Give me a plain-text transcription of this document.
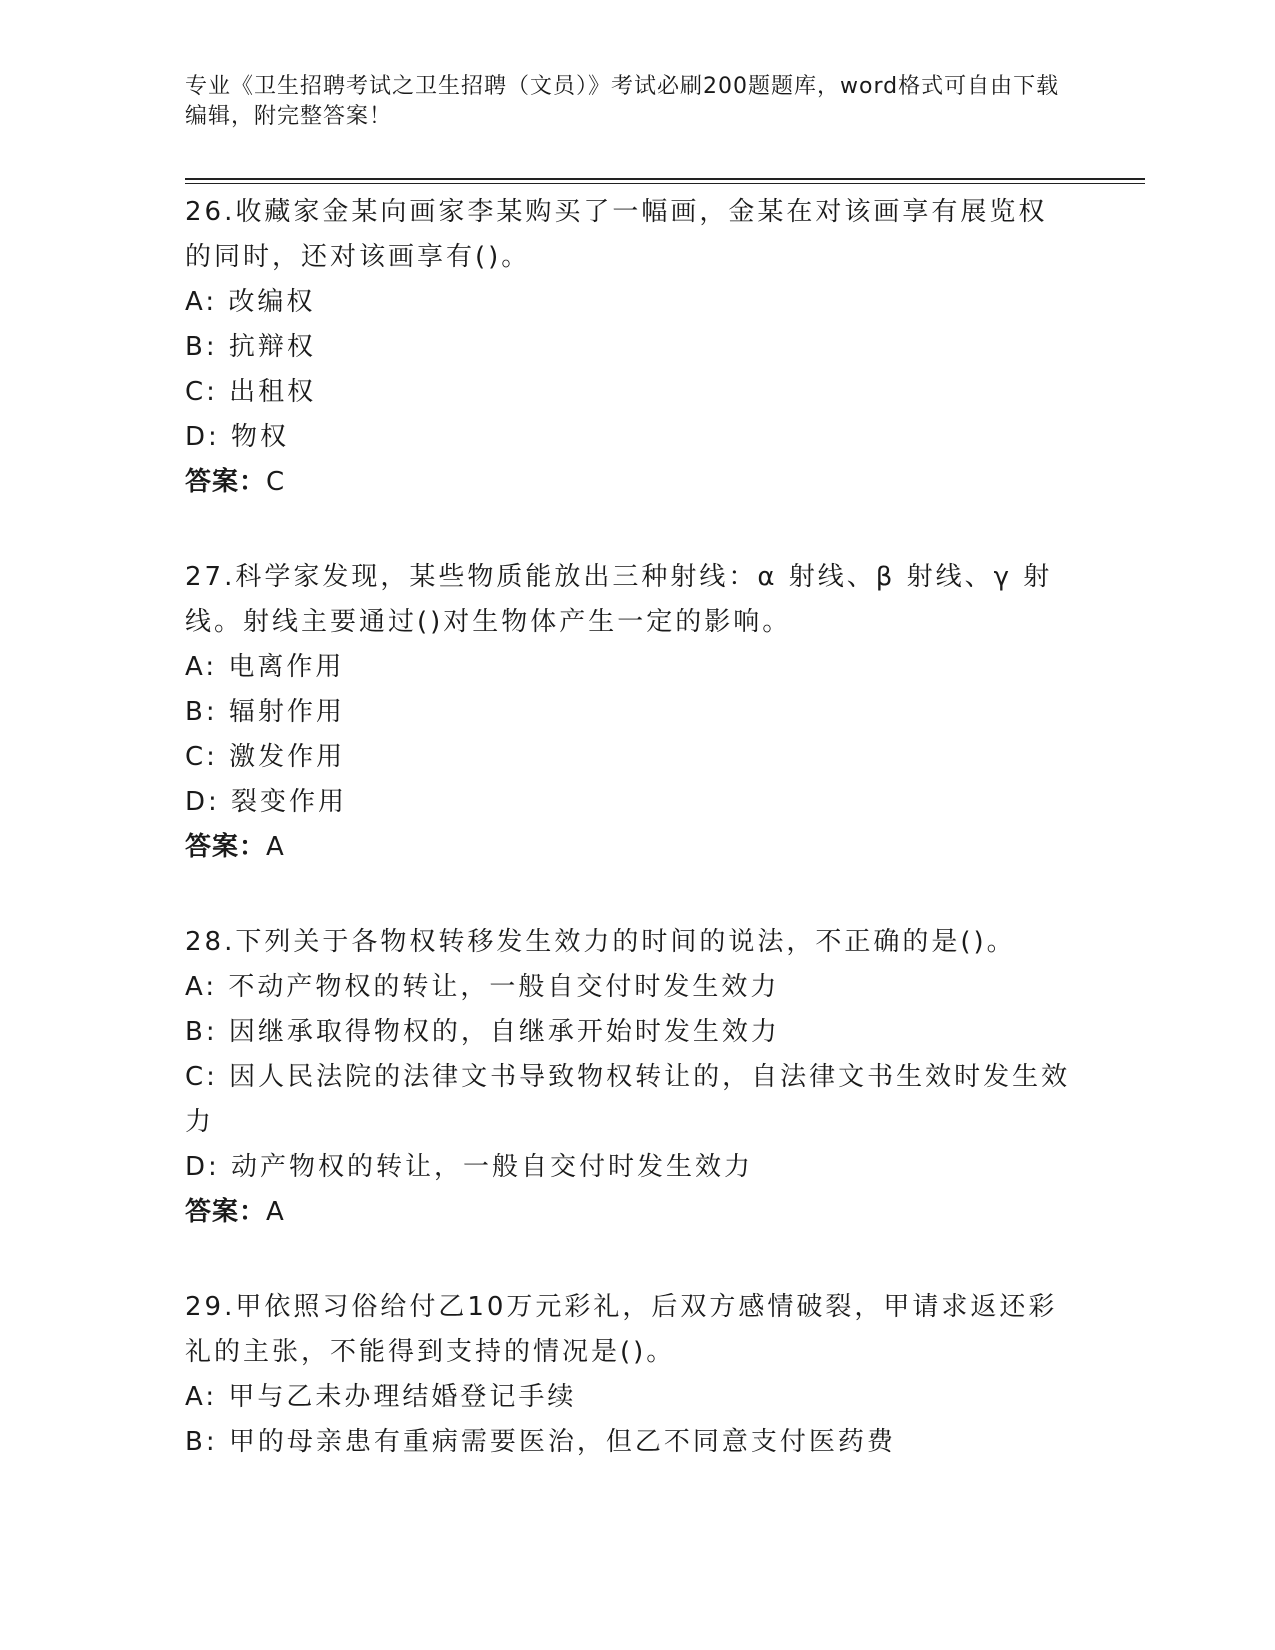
专业《卫生招聘考试之卫生招聘（文员）》考试必刷200题题库，word格式可自由下载编辑，附完整答案！

26.收藏家金某向画家李某购买了一幅画，金某在对该画享有展览权的同时，还对该画享有()。

A: 改编权

B: 抗辩权

C: 出租权

D: 物权

答案：C

27.科学家发现，某些物质能放出三种射线：α 射线、β 射线、γ 射线。射线主要通过()对生物体产生一定的影响。

A: 电离作用

B: 辐射作用

C: 激发作用

D: 裂变作用

答案：A

28.下列关于各物权转移发生效力的时间的说法，不正确的是()。

A: 不动产物权的转让，一般自交付时发生效力

B: 因继承取得物权的，自继承开始时发生效力

C: 因人民法院的法律文书导致物权转让的，自法律文书生效时发生效力

D: 动产物权的转让，一般自交付时发生效力

答案：A

29.甲依照习俗给付乙10万元彩礼，后双方感情破裂，甲请求返还彩礼的主张，不能得到支持的情况是()。

A: 甲与乙未办理结婚登记手续

B: 甲的母亲患有重病需要医治，但乙不同意支付医药费
